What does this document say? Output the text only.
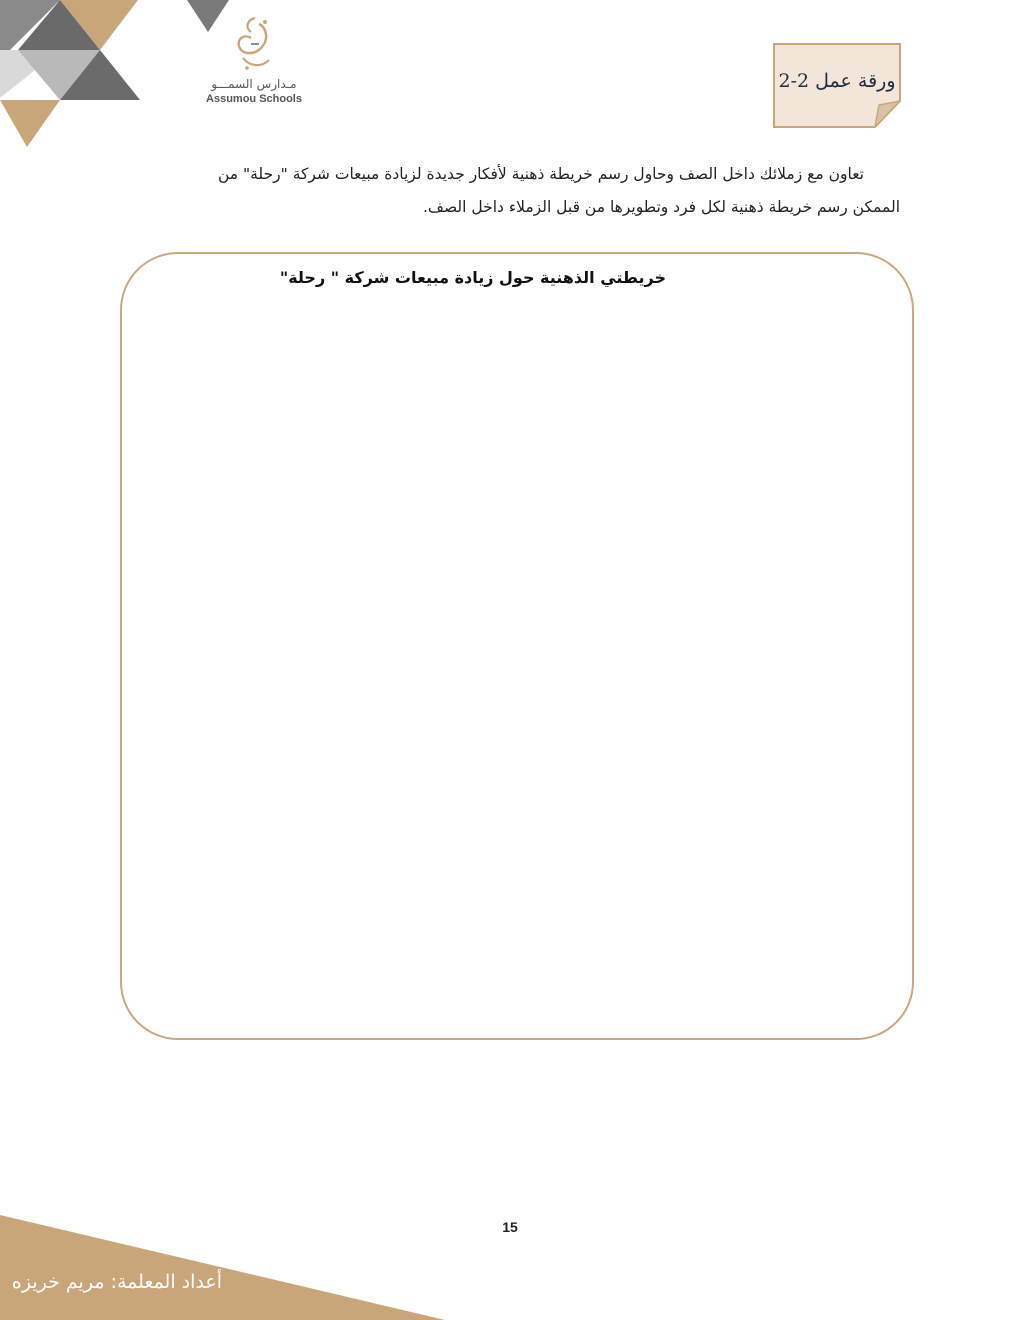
مـدارس السمـــو
Assumou Schools
ورقة عمل 2-2

تعاون مع زملائك داخل الصف وحاول رسم خريطة ذهنية لأفكار جديدة لزيادة مبيعات شركة "رحلة" من

الممكن رسم خريطة ذهنية لكل فرد وتطويرها من قبل الزملاء داخل الصف.

خريطتي الذهنية حول زيادة مبيعات شركة " رحلة"
15
أعداد المعلمة: مريم خريزه
